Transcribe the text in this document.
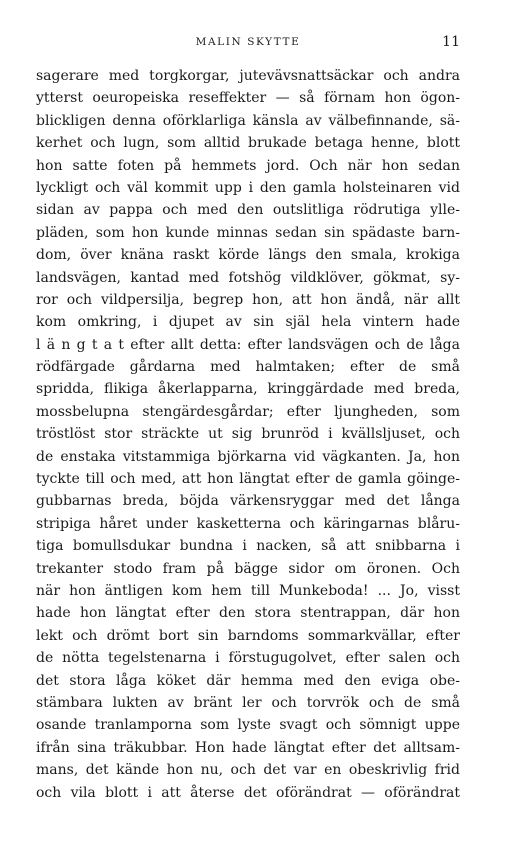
MALIN SKYTTE	11
sagerare med torgkorgar, jutevävsnattsäckar och andra
ytterst oeuropeiska reseffekter — så förnam hon ögon-
blickligen denna oförklarliga känsla av välbefinnande, sä-
kerhet och lugn, som alltid brukade betaga henne, blott
hon satte foten på hemmets jord. Och när hon sedan
lyckligt och väl kommit upp i den gamla holsteinaren vid
sidan av pappa och med den outslitliga rödrutiga ylle-
pläden, som hon kunde minnas sedan sin spädaste barn-
dom, över knäna raskt körde längs den smala, krokiga
landsvägen, kantad med fotshög vildklöver, gökmat, sy-
ror och vildpersilja, begrep hon, att hon ändå, när allt
kom omkring, i djupet av sin själ hela vintern hade
l ä n g t a t efter allt detta: efter landsvägen och de låga
rödfärgade gårdarna med halmtaken; efter de små
spridda, flikiga åkerlapparna, kringgärdade med breda,
mossbelupna stengärdesgårdar; efter ljungheden, som
tröstlöst stor sträckte ut sig brunröd i kvällsljuset, och
de enstaka vitstammiga björkarna vid vägkanten. Ja, hon
tyckte till och med, att hon längtat efter de gamla göinge-
gubbarnas breda, böjda värkensryggar med det långa
stripiga håret under kasketterna och käringarnas blåru-
tiga bomullsdukar bundna i nacken, så att snibbarna i
trekanter stodo fram på bägge sidor om öronen. Och
när hon äntligen kom hem till Munkeboda! ... Jo, visst
hade hon längtat efter den stora stentrappan, där hon
lekt och drömt bort sin barndoms sommarkvällar, efter
de nötta tegelstenarna i förstugugolvet, efter salen och
det stora låga köket där hemma med den eviga obe-
stämbara lukten av bränt ler och torvrök och de små
osande tranlamporna som lyste svagt och sömnigt uppe
ifrån sina träkubbar. Hon hade längtat efter det alltsam-
mans, det kände hon nu, och det var en obeskrivlig frid
och vila blott i att återse det oförändrat — oförändrat
